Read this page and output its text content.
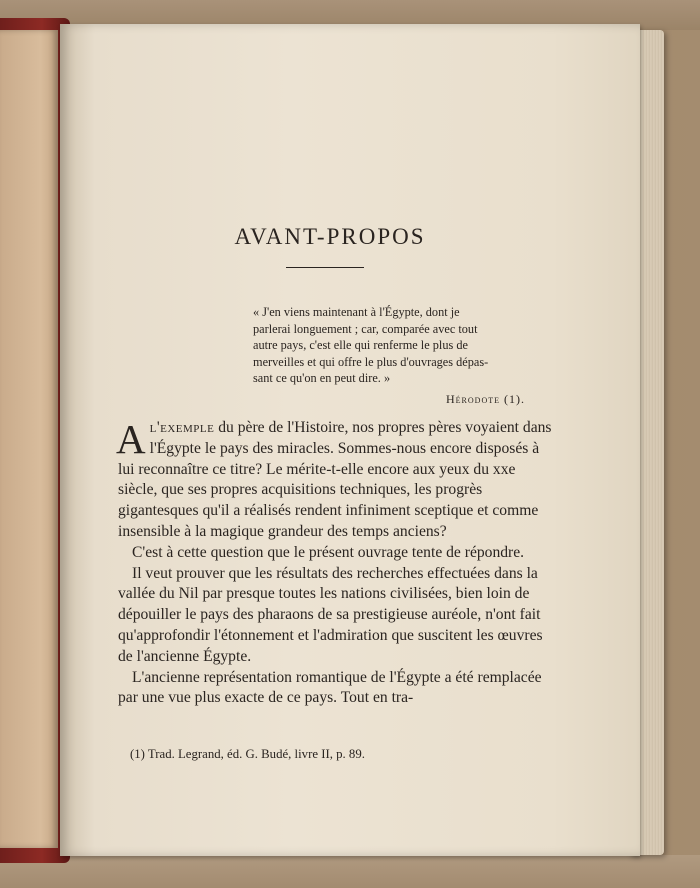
AVANT-PROPOS

« J'en viens maintenant à l'Égypte, dont je

parlerai longuement ; car, comparée avec tout

autre pays, c'est elle qui renferme le plus de

merveilles et qui offre le plus d'ouvrages dépas-

sant ce qu'on en peut dire. »

Hérodote (1).

Al'exemple du père de l'Histoire, nos propres pères voyaient dans l'Égypte le pays des miracles. Sommes-nous encore disposés à lui reconnaître ce titre? Le mérite-t-elle encore aux yeux du xxe siècle, que ses propres acquisitions techniques, les progrès gigantesques qu'il a réalisés rendent infiniment sceptique et comme insensible à la magique grandeur des temps anciens?

C'est à cette question que le présent ouvrage tente de répondre.

Il veut prouver que les résultats des recherches effectuées dans la vallée du Nil par presque toutes les nations civilisées, bien loin de dépouiller le pays des pharaons de sa prestigieuse auréole, n'ont fait qu'approfondir l'étonnement et l'admiration que suscitent les œuvres de l'ancienne Égypte.

L'ancienne représentation romantique de l'Égypte a été remplacée par une vue plus exacte de ce pays. Tout en tra-

(1) Trad. Legrand, éd. G. Budé, livre II, p. 89.
